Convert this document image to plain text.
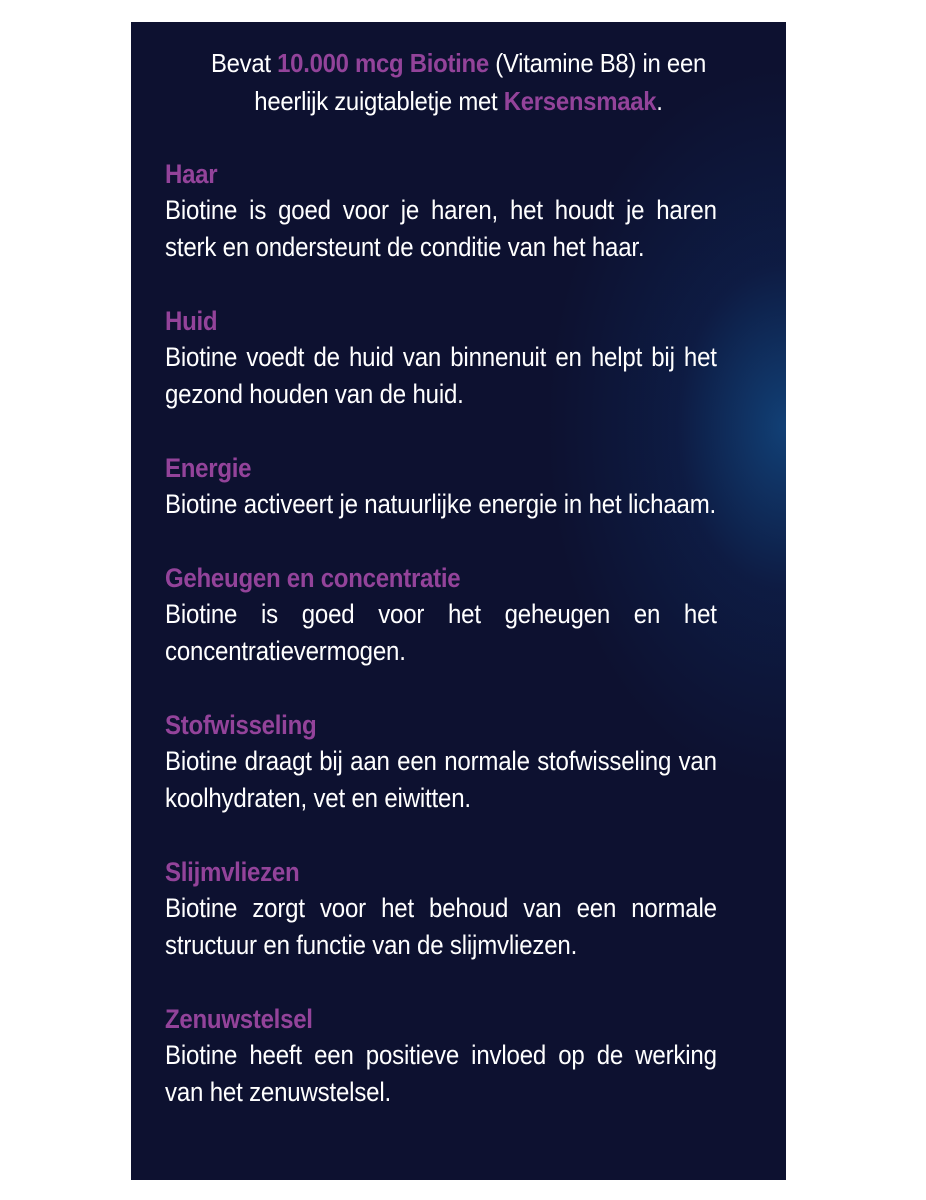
Bevat 10.000 mcg Biotine (Vitamine B8) in een heerlijk zuigtabletje met Kersensmaak.
Haar
Biotine is goed voor je haren, het houdt je haren sterk en ondersteunt de conditie van het haar.
Huid
Biotine voedt de huid van binnenuit en helpt bij het gezond houden van de huid.
Energie
Biotine activeert je natuurlijke energie in het lichaam.
Geheugen en concentratie
Biotine is goed voor het geheugen en het concentratievermogen.
Stofwisseling
Biotine draagt bij aan een normale stofwisseling van koolhydraten, vet en eiwitten.
Slijmvliezen
Biotine zorgt voor het behoud van een normale structuur en functie van de slijmvliezen.
Zenuwstelsel
Biotine heeft een positieve invloed op de werking van het zenuwstelsel.
